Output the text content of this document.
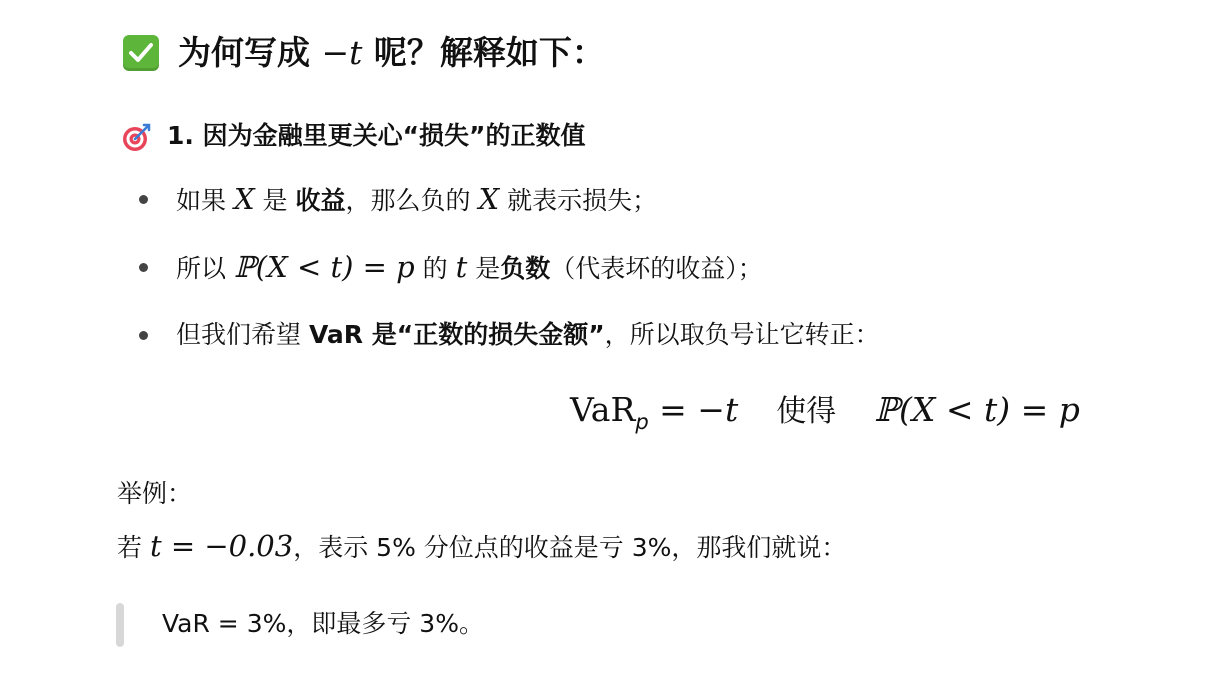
为何写成 −t 呢？解释如下：
1. 因为金融里更关心“损失”的正数值
如果 X 是 收益，那么负的 X 就表示损失；
所以 ℙ(X < t) = p 的 t 是负数（代表坏的收益）；
但我们希望 VaR 是“正数的损失金额”，所以取负号让它转正：
VaR$_p$ = −t 使得 ℙ(X < t) = p
举例：
若 t = −0.03，表示 5% 分位点的收益是亏 3%，那我们就说：
VaR = 3%，即最多亏 3%。
